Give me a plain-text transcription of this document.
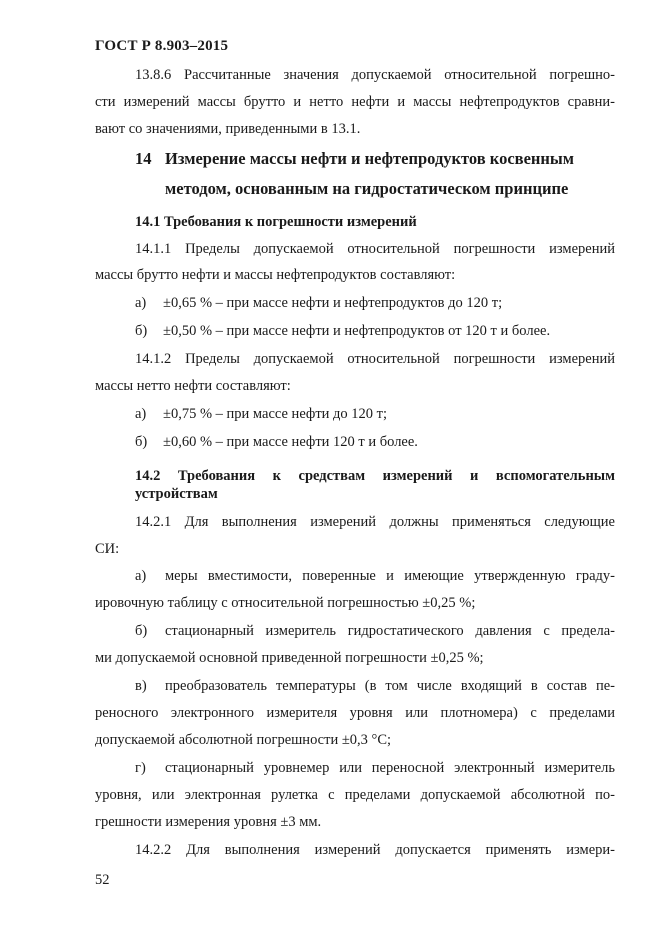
ГОСТ Р 8.903–2015
13.8.6 Рассчитанные значения допускаемой относительной погрешно-
сти измерений массы брутто и нетто нефти и массы нефтепродуктов сравни-
вают со значениями, приведенными в 13.1.
14 Измерение массы нефти и нефтепродуктов косвенным
методом, основанным на гидростатическом принципе
14.1 Требования к погрешности измерений
14.1.1 Пределы допускаемой относительной погрешности измерений
массы брутто нефти и массы нефтепродуктов составляют:
а) ±0,65 % – при массе нефти и нефтепродуктов до 120 т;
б) ±0,50 % – при массе нефти и нефтепродуктов от 120 т и более.
14.1.2 Пределы допускаемой относительной погрешности измерений
массы нетто нефти составляют:
а) ±0,75 % – при массе нефти до 120 т;
б) ±0,60 % – при массе нефти 120 т и более.
14.2 Требования к средствам измерений и вспомогательным
устройствам
14.2.1 Для выполнения измерений должны применяться следующие
СИ:
а) меры вместимости, поверенные и имеющие утвержденную граду-
ировочную таблицу с относительной погрешностью ±0,25 %;
б) стационарный измеритель гидростатического давления с предела-
ми допускаемой основной приведенной погрешности ±0,25 %;
в) преобразователь температуры (в том числе входящий в состав пе-
реносного электронного измерителя уровня или плотномера) с пределами
допускаемой абсолютной погрешности ±0,3 °С;
г) стационарный уровнемер или переносной электронный измеритель
уровня, или электронная рулетка с пределами допускаемой абсолютной по-
грешности измерения уровня ±3 мм.
14.2.2 Для выполнения измерений допускается применять измери-
52
